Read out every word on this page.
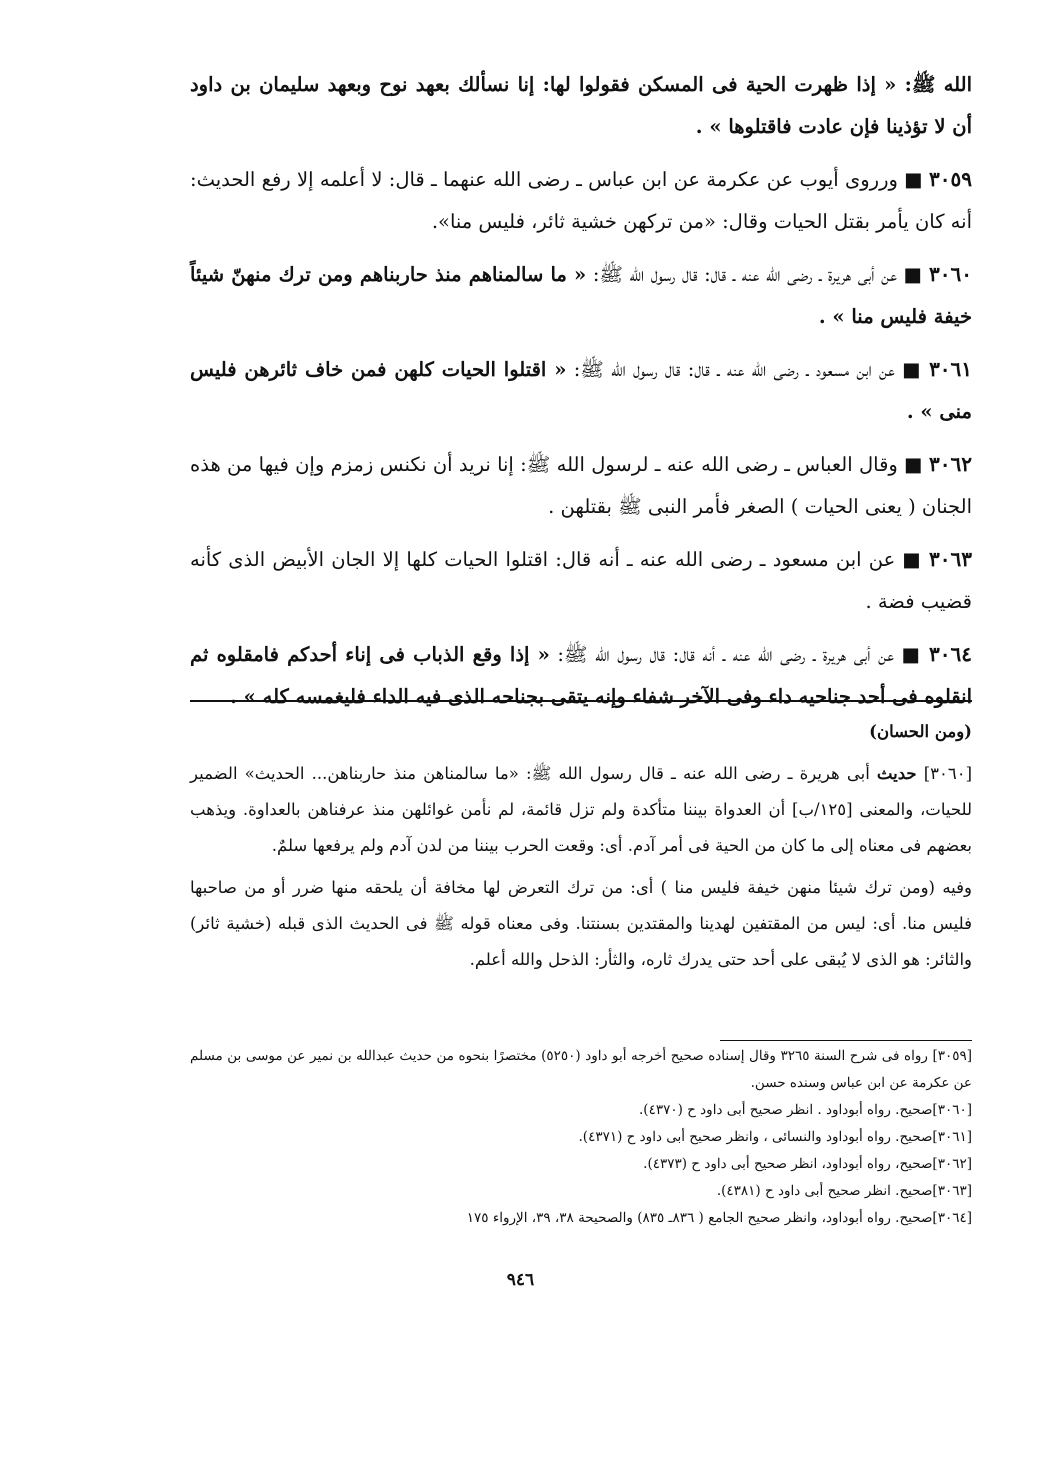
الله ﷺ: « إذا ظهرت الحية فى المسكن فقولوا لها: إنا نسألك بعهد نوح وبعهد سليمان بن داود أن لا تؤذينا فإن عادت فاقتلوها » .

٣٠٥٩ ■ ورروى أيوب عن عكرمة عن ابن عباس ـ رضى الله عنهما ـ قال: لا أعلمه إلا رفع الحديث: أنه كان يأمر بقتل الحيات وقال: «من تركهن خشية ثائر، فليس منا».

٣٠٦٠ ■ عن أبى هريرة ـ رضى الله عنه ـ قال: قال رسول الله ﷺ: « ما سالمناهم منذ حاربناهم ومن ترك منهنّ شيئاً خيفة فليس منا » .

٣٠٦١ ■ عن ابن مسعود ـ رضى الله عنه ـ قال: قال رسول الله ﷺ: « اقتلوا الحيات كلهن فمن خاف ثائرهن فليس منى » .

٣٠٦٢ ■ وقال العباس ـ رضى الله عنه ـ لرسول الله ﷺ: إنا نريد أن نكنس زمزم وإن فيها من هذه الجنان ( يعنى الحيات ) الصغر فأمر النبى ﷺ بقتلهن .

٣٠٦٣ ■ عن ابن مسعود ـ رضى الله عنه ـ أنه قال: اقتلوا الحيات كلها إلا الجان الأبيض الذى كأنه قضيب فضة .

٣٠٦٤ ■ عن أبى هريرة ـ رضى الله عنه ـ أنه قال: قال رسول الله ﷺ: « إذا وقع الذباب فى إناء أحدكم فامقلوه ثم انقلوه فى أحد جناحيه داء وفى الآخر شفاء وإنه يتقى بجناحه الذى فيه الداء فليغمسه كله » .

(ومن الحسان)

[٣٠٦٠] حديث أبى هريرة ـ رضى الله عنه ـ قال رسول الله ﷺ: «ما سالمناهن منذ حاربناهن... الحديث» الضمير للحيات، والمعنى [١٢٥/ب] أن العدواة بيننا متأكدة ولم تزل قائمة، لم نأمن غوائلهن منذ عرفناهن بالعداوة. ويذهب بعضهم فى معناه إلى ما كان من الحية فى أمر آدم. أى: وقعت الحرب بيننا من لدن آدم ولم يرفعها سلمٌ.

وفيه (ومن ترك شيئا منهن خيفة فليس منا ) أى: من ترك التعرض لها مخافة أن يلحقه منها ضرر أو من صاحبها فليس منا. أى: ليس من المقتفين لهدينا والمقتدين بسنتنا. وفى معناه قوله ﷺ فى الحديث الذى قبله (خشية ثائر) والثائر: هو الذى لا يُبقى على أحد حتى يدرك ثاره، والثأر: الذحل والله أعلم.

[٣٠٥٩] رواه فى شرح السنة ٣٢٦٥ وقال إسناده صحيح أخرجه أبو داود (٥٢٥٠) مختصرًا بنحوه من حديث عبدالله بن نمير عن موسى بن مسلم عن عكرمة عن ابن عباس وسنده حسن.

[٣٠٦٠]صحيح. رواه أبوداود . انظر صحيح أبى داود ح (٤٣٧٠).

[٣٠٦١]صحيح. رواه أبوداود والنسائى ، وانظر صحيح أبى داود ح (٤٣٧١).

[٣٠٦٢]صحيح، رواه أبوداود، انظر صحيح أبى داود ح (٤٣٧٣).

[٣٠٦٣]صحيح. انظر صحيح أبى داود ح (٤٣٨١).

[٣٠٦٤]صحيح. رواه أبوداود، وانظر صحيح الجامع ( ٨٣٦ـ ٨٣٥) والصحيحة ٣٨، ٣٩، الإرواء ١٧٥

٩٤٦
